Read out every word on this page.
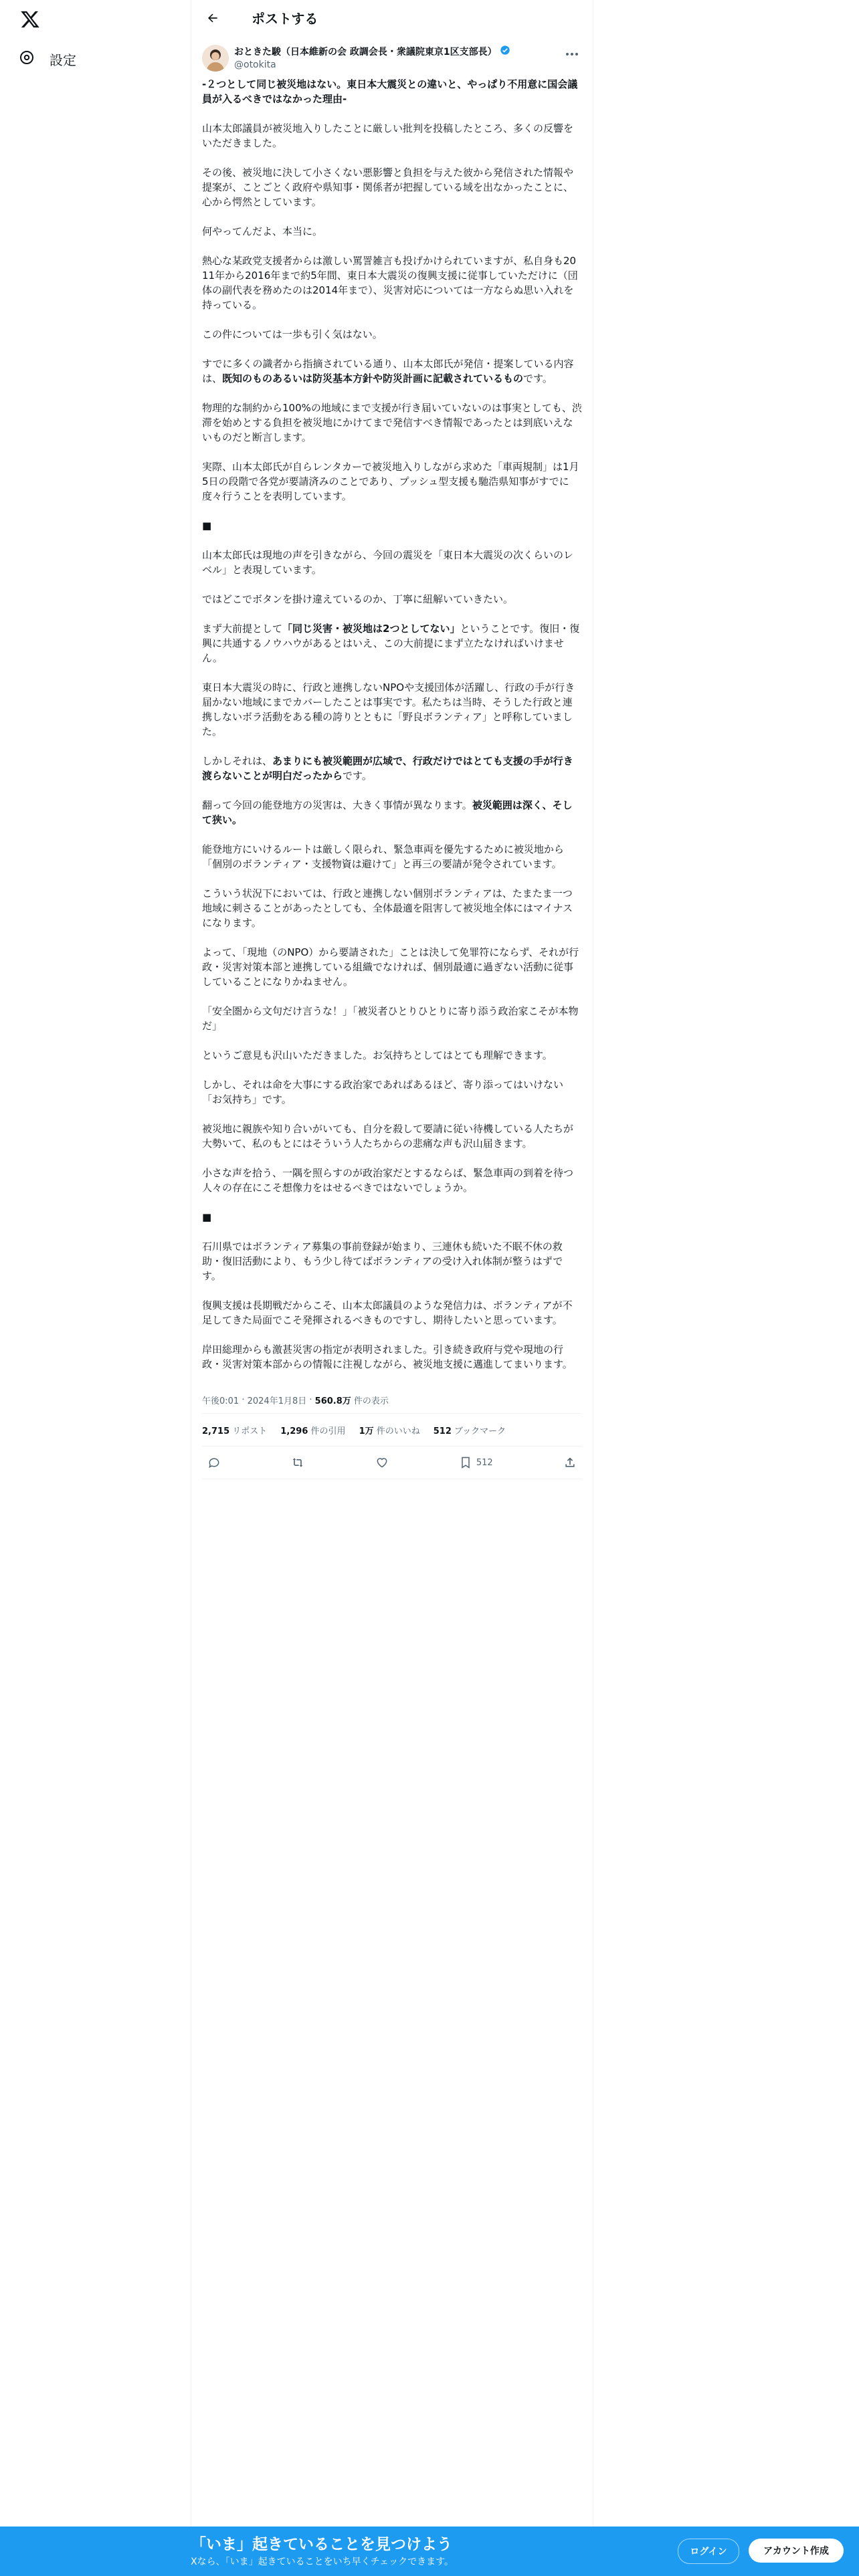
設定
ポストする
おときた駿（日本維新の会 政調会長・衆議院東京1区支部長）
@otokita

-２つとして同じ被災地はない。東日本大震災との違いと、やっぱり不用意に国会議員が入るべきではなかった理由-

山本太郎議員が被災地入りしたことに厳しい批判を投稿したところ、多くの反響をいただきました。

その後、被災地に決して小さくない悪影響と負担を与えた彼から発信された情報や提案が、ことごとく政府や県知事・関係者が把握している域を出なかったことに、心から愕然としています。

何やってんだよ、本当に。

熱心な某政党支援者からは激しい罵詈雑言も投げかけられていますが、私自身も2011年から2016年まで約5年間、東日本大震災の復興支援に従事していただけに（団体の副代表を務めたのは2014年まで）、災害対応については一方ならぬ思い入れを持っている。

この件については一歩も引く気はない。

すでに多くの識者から指摘されている通り、山本太郎氏が発信・提案している内容は、既知のものあるいは防災基本方針や防災計画に記載されているものです。

物理的な制約から100%の地域にまで支援が行き届いていないのは事実としても、渋滞を始めとする負担を被災地にかけてまで発信すべき情報であったとは到底いえないものだと断言します。

実際、山本太郎氏が自らレンタカーで被災地入りしながら求めた「車両規制」は1月5日の段階で各党が要請済みのことであり、プッシュ型支援も馳浩県知事がすでに度々行うことを表明しています。

■

山本太郎氏は現地の声を引きながら、今回の震災を「東日本大震災の次くらいのレベル」と表現しています。

ではどこでボタンを掛け違えているのか、丁寧に紐解いていきたい。

まず大前提として「同じ災害・被災地は2つとしてない」ということです。復旧・復興に共通するノウハウがあるとはいえ、この大前提にまず立たなければいけません。

東日本大震災の時に、行政と連携しないNPOや支援団体が活躍し、行政の手が行き届かない地域にまでカバーしたことは事実です。私たちは当時、そうした行政と連携しないボラ活動をある種の誇りとともに「野良ボランティア」と呼称していました。

しかしそれは、あまりにも被災範囲が広域で、行政だけではとても支援の手が行き渡らないことが明白だったからです。

翻って今回の能登地方の災害は、大きく事情が異なります。被災範囲は深く、そして狭い。

能登地方にいけるルートは厳しく限られ、緊急車両を優先するために被災地から「個別のボランティア・支援物資は避けて」と再三の要請が発令されています。

こういう状況下においては、行政と連携しない個別ボランティアは、たまたま一つ地域に刺さることがあったとしても、全体最適を阻害して被災地全体にはマイナスになります。

よって、「現地（のNPO）から要請された」ことは決して免罪符にならず、それが行政・災害対策本部と連携している組織でなければ、個別最適に過ぎない活動に従事していることになりかねません。

「安全圏から文句だけ言うな！」「被災者ひとりひとりに寄り添う政治家こそが本物だ」

というご意見も沢山いただきました。お気持ちとしてはとても理解できます。

しかし、それは命を大事にする政治家であればあるほど、寄り添ってはいけない「お気持ち」です。

被災地に親族や知り合いがいても、自分を殺して要請に従い待機している人たちが大勢いて、私のもとにはそういう人たちからの悲痛な声も沢山届きます。

小さな声を拾う、一隅を照らすのが政治家だとするならば、緊急車両の到着を待つ人々の存在にこそ想像力をはせるべきではないでしょうか。

■

石川県ではボランティア募集の事前登録が始まり、三連休も続いた不眠不休の救助・復旧活動により、もう少し待てばボランティアの受け入れ体制が整うはずです。

復興支援は長期戦だからこそ、山本太郎議員のような発信力は、ボランティアが不足してきた局面でこそ発揮されるべきものですし、期待したいと思っています。

岸田総理からも激甚災害の指定が表明されました。引き続き政府与党や現地の行政・災害対策本部からの情報に注視しながら、被災地支援に邁進してまいります。

午後0:01 · 2024年1月8日 · 560.8万
件の表示
2,715 リポスト 1,296 件の引用 1万 件のいいね 512 ブックマーク
512
「いま」起きていることを見つけよう
Xなら、「いま」起きていることをいち早くチェックできます。
ログイン	アカウント作成
